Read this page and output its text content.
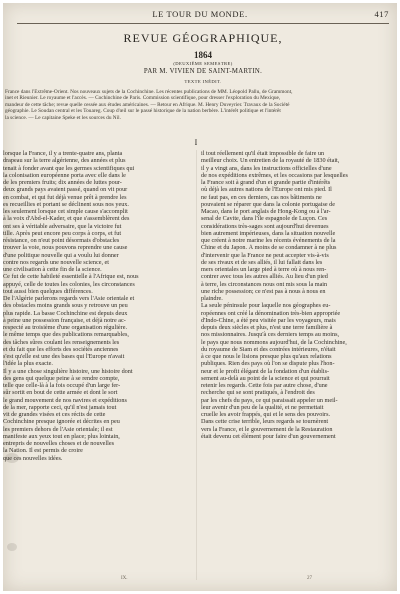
LE TOUR DU MONDE.	417
REVUE GÉOGRAPHIQUE,
1864
(DEUXIÈME SEMESTRE)
PAR M. VIVIEN DE SAINT-MARTIN.
TEXTE INÉDIT.
France dans l'Extrême-Orient. Nos nouveaux sujets de la Cochinchine. Les récentes publications de MM. Léopold Pallu, de Grammont,
inet et Rieunier. Le royaume et l'accès. — Cochinchine de Paris. Commission scientifique, pour dresser l'exploration du Mexique,
mandeur de cette tâche; revue quelle cessée aux études américaines. — Retour en Afrique. M. Henry Duveyrier. Travaux de la Société
géographie. Le Soudan central et les Touareg. Coup d'œil sur le passé historique de la nation berbère. L'intérêt politique et l'intérêt
la science. — Le capitaine Speke et les sources du Nil.
I
lorsque la France, il y a trente-quatre ans, planta
drapeau sur la terre algérienne, des années et plus
tenait à fonder avant que les germes scientifiques qui
la colonisation européenne porta avec elle dans le
de les premiers fruits; dix années de luttes pour-
deux grands pays avaient passé, quand on vit pour
en combat, et qui fut déjà venue prêt à prendre les
es recueillies et portant se déclinent sous nos yeux.
les seulement lorsque cet simple cause s'accomplit
à la voix d'Abd-el-Kader, et que s'assemblèrent des
ont ses à véritable adversaire, que la victoire fut
tille. Après peut encore peu corps à corps, et fut
résistance, on n'eut point désormais d'obstacles
trouver la voie, nous pouvons reprendre une cause
d'une politique nouvelle qui a voulu lui donner
contre nos regards une nouvelle science, et
une civilisation à cette fin de la science.
Ce fut de cette habileté essentielle à l'Afrique est, nous
appuyé, celle de toutes les colonies, les circonstances
tout aussi bien quelques différences.
De l'Algérie parlerons regards vers l'Asie orientale et
des obstacles moins grands sous y retrouve un peu
plus rapide. La basse Cochinchine est depuis deux
à peine une possession française, et déjà notre ac-
respecté au troisième d'une organisation régulière.
le même temps que des publications remarquables,
des tâches sûres coulant les renseignements les
et du fait que les efforts des sociétés anciennes
s'est qu'elle est une des bases qui l'Europe n'avait
l'idée la plus exacte.
Il y a une chose singulière histoire, une histoire dont
des gens qui quelque peine à se rendre compte,
telle que celle-là à la fois occupé d'un large fer-
sûr sortit en bout de cette armée et dont le sort
le grand mouvement de nos navires et expéditions
de la mer, rapporte ceci, qu'il n'est jamais tout
vit de grandes visées et ces récits de cette
Cochinchine presque ignorée et décrites en peu
les premiers dehors de l'Asie orientale; il est
manifeste aux yeux tout en place; plus lointain,
entrepris de nouvelles choses et de nouvelles
la Nation. Il est permis de croire
que ces nouvelles idées.
il tout réellement qu'il était impossible de faire un
meilleur choix. Un entretien de la royauté de 1830 était,
il y a vingt ans, dans les instructions officielles d'une
de nos expéditions extrêmes, et les occasions par lesquelles
la France soit à grand d'un et grande partie d'intérêts
où déjà les autres nations de l'Europe ont mis pied. Il
ne faut pas, en ces derniers, cas nos bâtiments ne
pouvaient se réparer que dans la colonie portugaise de
Macao, dans le port anglais de Hong-Kong ou à l'ar-
senal de Cavite, dans l'île espagnole de Luçon. Ces
considérations très-sages sont aujourd'hui devenues
bien autrement impérieuses, dans la situation nouvelle
que créent à notre marine les récents événements de la
Chine et du Japon. À moins de se condamner à ne plus
d'intervenir que la France ne peut accepter vis-à-vis
de ses rivaux et de ses alliés, il lui fallait dans les
mers orientales un large pied à terre où à nous ren-
contrer avec tous les autres alliés. Au lieu d'un pied
à terre, les circonstances nous ont mis sous la main
une riche possession; ce n'est pas à nous à nous en
plaindre.
La seule péninsule pour laquelle nos géographes eu-
ropéennes ont créé la dénomination très-bien appropriée
d'Indo-Chine, a été peu visitée par les voyageurs, mais
depuis deux siècles et plus, n'est une terre familière à
nos missionnaires. Jusqu'à ces derniers temps au moins,
le pays que nous nommons aujourd'hui, de la Cochinchine,
du royaume de Siam et des contrées intérieures, n'était
à ce que nous le lisions presque plus qu'aux relations
publiques. Rien des pays où l'on se dispute plus l'hon-
neur et le profit élégant de la fondation d'un établis-
sement au-delà au point de la science et qui pourrait
retenir les regards. Cette fois par autre chose, d'une
recherche qui se sont pratiqués, à l'endroit des
par les chefs du pays, ce qui paraissait appeler un meil-
leur avenir d'un peu de la qualité, et ne permettait
cruelle les avoir frappés, qui et le sens des pouvoirs.
Dans cette crise terrible, leurs regards se tournèrent
vers la France, et le gouvernement de la Restauration
était devenu cet élément pour faire d'un gouvernement
IX.	27
